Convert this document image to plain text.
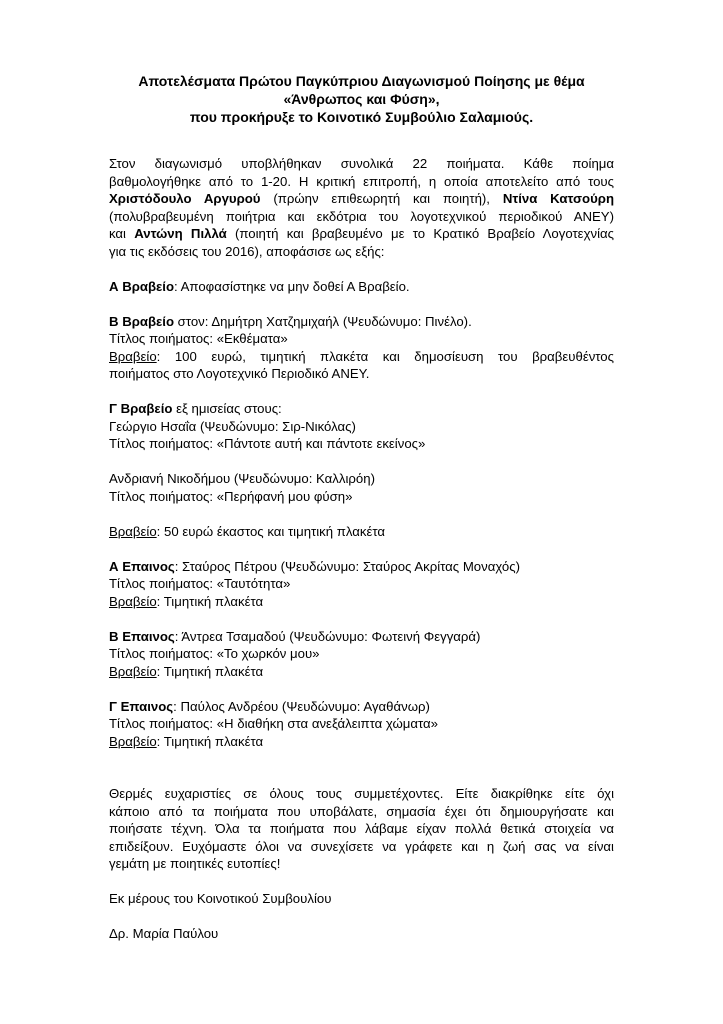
Αποτελέσματα Πρώτου Παγκύπριου Διαγωνισμού Ποίησης με θέμα
«Άνθρωπος και Φύση»,
που προκήρυξε το Κοινοτικό Συμβούλιο Σαλαμιούς.
Στον διαγωνισμό υποβλήθηκαν συνολικά 22 ποιήματα. Κάθε ποίημα
βαθμολογήθηκε από το 1-20. Η κριτική επιτροπή, η οποία αποτελείτο από τους
Χριστόδουλο Αργυρού (πρώην επιθεωρητή και ποιητή), Ντίνα Κατσούρη
(πολυβραβευμένη ποιήτρια και εκδότρια του λογοτεχνικού περιοδικού ΑΝΕΥ)
και Αντώνη Πιλλά (ποιητή και βραβευμένο με το Κρατικό Βραβείο Λογοτεχνίας
για τις εκδόσεις του 2016), αποφάσισε ως εξής:
Α Βραβείο: Αποφασίστηκε να μην δοθεί Α Βραβείο.
Β Βραβείο στον: Δημήτρη Χατζημιχαήλ (Ψευδώνυμο: Πινέλο).
Τίτλος ποιήματος: «Εκθέματα»
Βραβείο: 100 ευρώ, τιμητική πλακέτα και δημοσίευση του βραβευθέντος
ποιήματος στο Λογοτεχνικό Περιοδικό ΑΝΕΥ.
Γ Βραβείο εξ ημισείας στους:
Γεώργιο Ησαΐα (Ψευδώνυμο: Σιρ-Νικόλας)
Τίτλος ποιήματος: «Πάντοτε αυτή και πάντοτε εκείνος»
Ανδριανή Νικοδήμου (Ψευδώνυμο: Καλλιρόη)
Τίτλος ποιήματος: «Περήφανή μου φύση»
Βραβείο: 50 ευρώ έκαστος και τιμητική πλακέτα
Α Επαινος: Σταύρος Πέτρου (Ψευδώνυμο: Σταύρος Ακρίτας Μοναχός)
Τίτλος ποιήματος: «Ταυτότητα»
Βραβείο: Τιμητική πλακέτα
Β Επαινος: Άντρεα Τσαμαδού (Ψευδώνυμο: Φωτεινή Φεγγαρά)
Τίτλος ποιήματος: «Το χωρκόν μου»
Βραβείο: Τιμητική πλακέτα
Γ Επαινος: Παύλος Ανδρέου (Ψευδώνυμο: Αγαθάνωρ)
Τίτλος ποιήματος: «Η διαθήκη στα ανεξάλειπτα χώματα»
Βραβείο: Τιμητική πλακέτα
Θερμές ευχαριστίες σε όλους τους συμμετέχοντες. Είτε διακρίθηκε είτε όχι
κάποιο από τα ποιήματα που υποβάλατε, σημασία έχει ότι δημιουργήσατε και
ποιήσατε τέχνη. Όλα τα ποιήματα που λάβαμε είχαν πολλά θετικά στοιχεία να
επιδείξουν. Ευχόμαστε όλοι να συνεχίσετε να γράφετε και η ζωή σας να είναι
γεμάτη με ποιητικές ευτοπίες!
Εκ μέρους του Κοινοτικού Συμβουλίου
Δρ. Μαρία Παύλου
